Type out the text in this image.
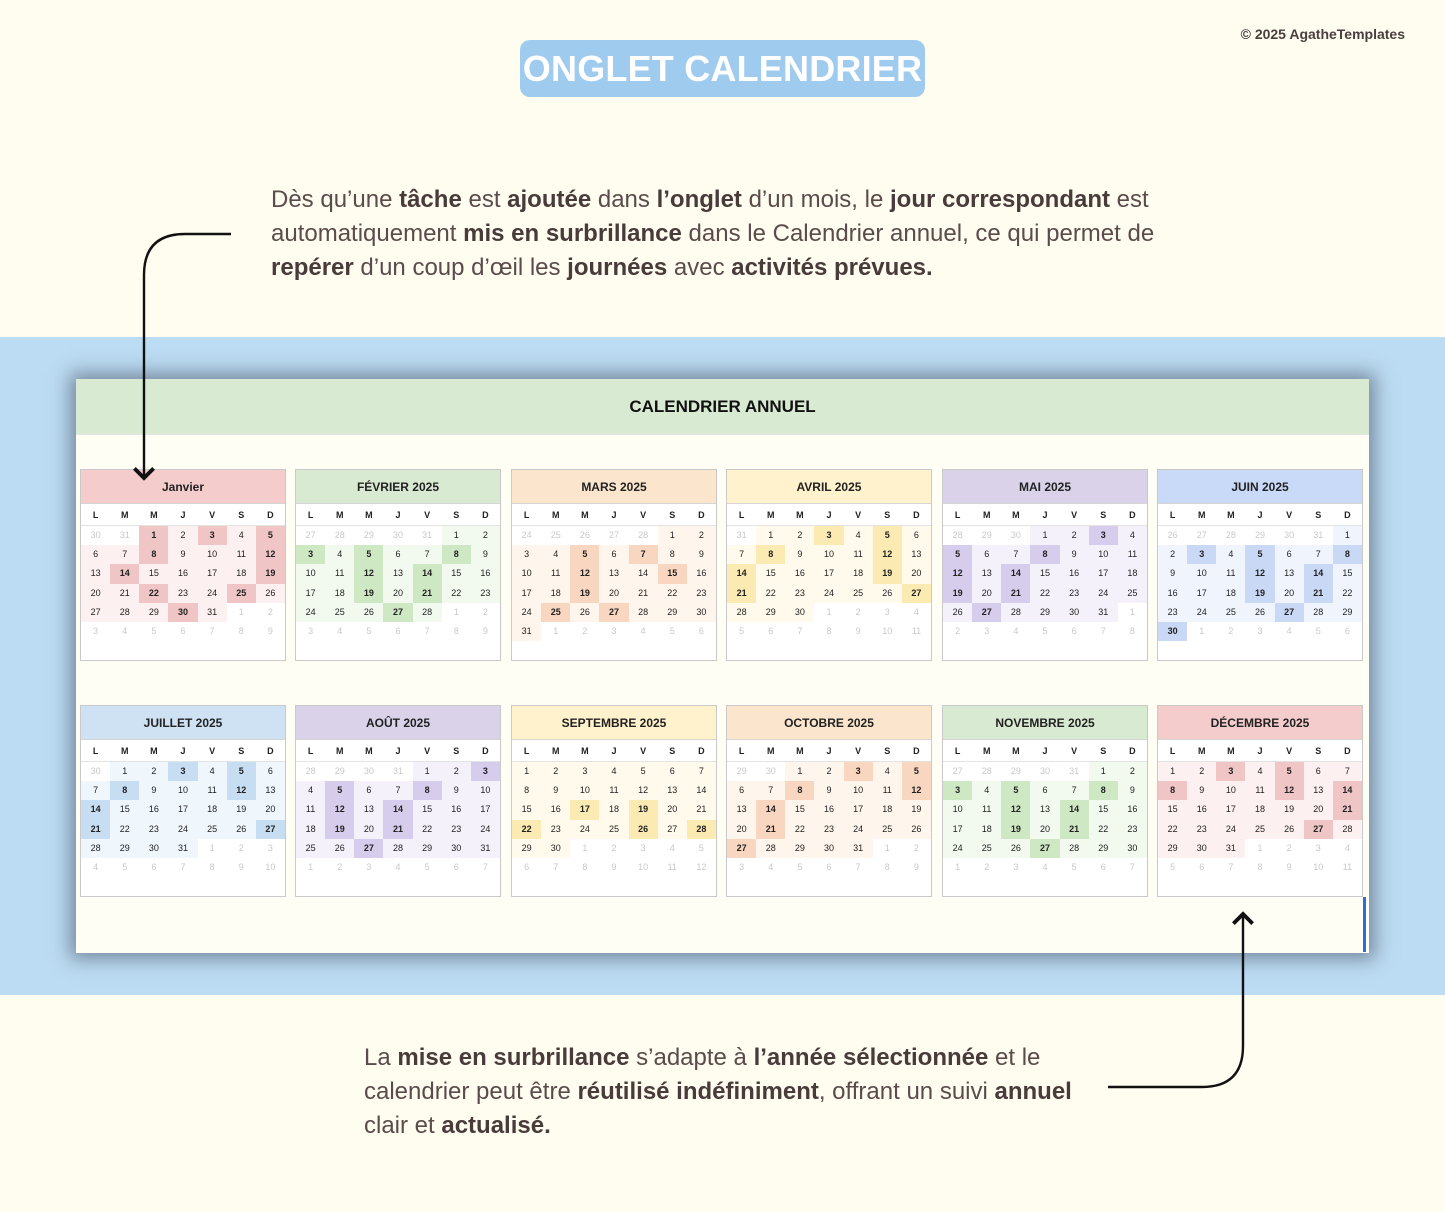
© 2025 AgatheTemplates
ONGLET CALENDRIER
Dès qu’une tâche est ajoutée dans l’onglet d’un mois, le jour correspondant est automatiquement mis en surbrillance dans le Calendrier annuel, ce qui permet de repérer d’un coup d’œil les journées avec activités prévues.
CALENDRIER ANNUEL
Janvier
L	M	M	J	V	S	D
30	31	1	2	3	4	5
6	7	8	9	10	11	12
13	14	15	16	17	18	19
20	21	22	23	24	25	26
27	28	29	30	31	1	2
3	4	5	6	7	8	9
FÉVRIER 2025
L	M	M	J	V	S	D
27	28	29	30	31	1	2
3	4	5	6	7	8	9
10	11	12	13	14	15	16
17	18	19	20	21	22	23
24	25	26	27	28	1	2
3	4	5	6	7	8	9
MARS 2025
L	M	M	J	V	S	D
24	25	26	27	28	1	2
3	4	5	6	7	8	9
10	11	12	13	14	15	16
17	18	19	20	21	22	23
24	25	26	27	28	29	30
31	1	2	3	4	5	6
AVRIL 2025
L	M	M	J	V	S	D
31	1	2	3	4	5	6
7	8	9	10	11	12	13
14	15	16	17	18	19	20
21	22	23	24	25	26	27
28	29	30	1	2	3	4
5	6	7	8	9	10	11
MAI 2025
L	M	M	J	V	S	D
28	29	30	1	2	3	4
5	6	7	8	9	10	11
12	13	14	15	16	17	18
19	20	21	22	23	24	25
26	27	28	29	30	31	1
2	3	4	5	6	7	8
JUIN 2025
L	M	M	J	V	S	D
26	27	28	29	30	31	1
2	3	4	5	6	7	8
9	10	11	12	13	14	15
16	17	18	19	20	21	22
23	24	25	26	27	28	29
30	1	2	3	4	5	6
JUILLET 2025
L	M	M	J	V	S	D
30	1	2	3	4	5	6
7	8	9	10	11	12	13
14	15	16	17	18	19	20
21	22	23	24	25	26	27
28	29	30	31	1	2	3
4	5	6	7	8	9	10
AOÛT 2025
L	M	M	J	V	S	D
28	29	30	31	1	2	3
4	5	6	7	8	9	10
11	12	13	14	15	16	17
18	19	20	21	22	23	24
25	26	27	28	29	30	31
1	2	3	4	5	6	7
SEPTEMBRE 2025
L	M	M	J	V	S	D
1	2	3	4	5	6	7
8	9	10	11	12	13	14
15	16	17	18	19	20	21
22	23	24	25	26	27	28
29	30	1	2	3	4	5
6	7	8	9	10	11	12
OCTOBRE 2025
L	M	M	J	V	S	D
29	30	1	2	3	4	5
6	7	8	9	10	11	12
13	14	15	16	17	18	19
20	21	22	23	24	25	26
27	28	29	30	31	1	2
3	4	5	6	7	8	9
NOVEMBRE 2025
L	M	M	J	V	S	D
27	28	29	30	31	1	2
3	4	5	6	7	8	9
10	11	12	13	14	15	16
17	18	19	20	21	22	23
24	25	26	27	28	29	30
1	2	3	4	5	6	7
DÉCEMBRE 2025
L	M	M	J	V	S	D
1	2	3	4	5	6	7
8	9	10	11	12	13	14
15	16	17	18	19	20	21
22	23	24	25	26	27	28
29	30	31	1	2	3	4
5	6	7	8	9	10	11
La mise en surbrillance s’adapte à l’année sélectionnée et le calendrier peut être réutilisé indéfiniment, offrant un suivi annuel clair et actualisé.
